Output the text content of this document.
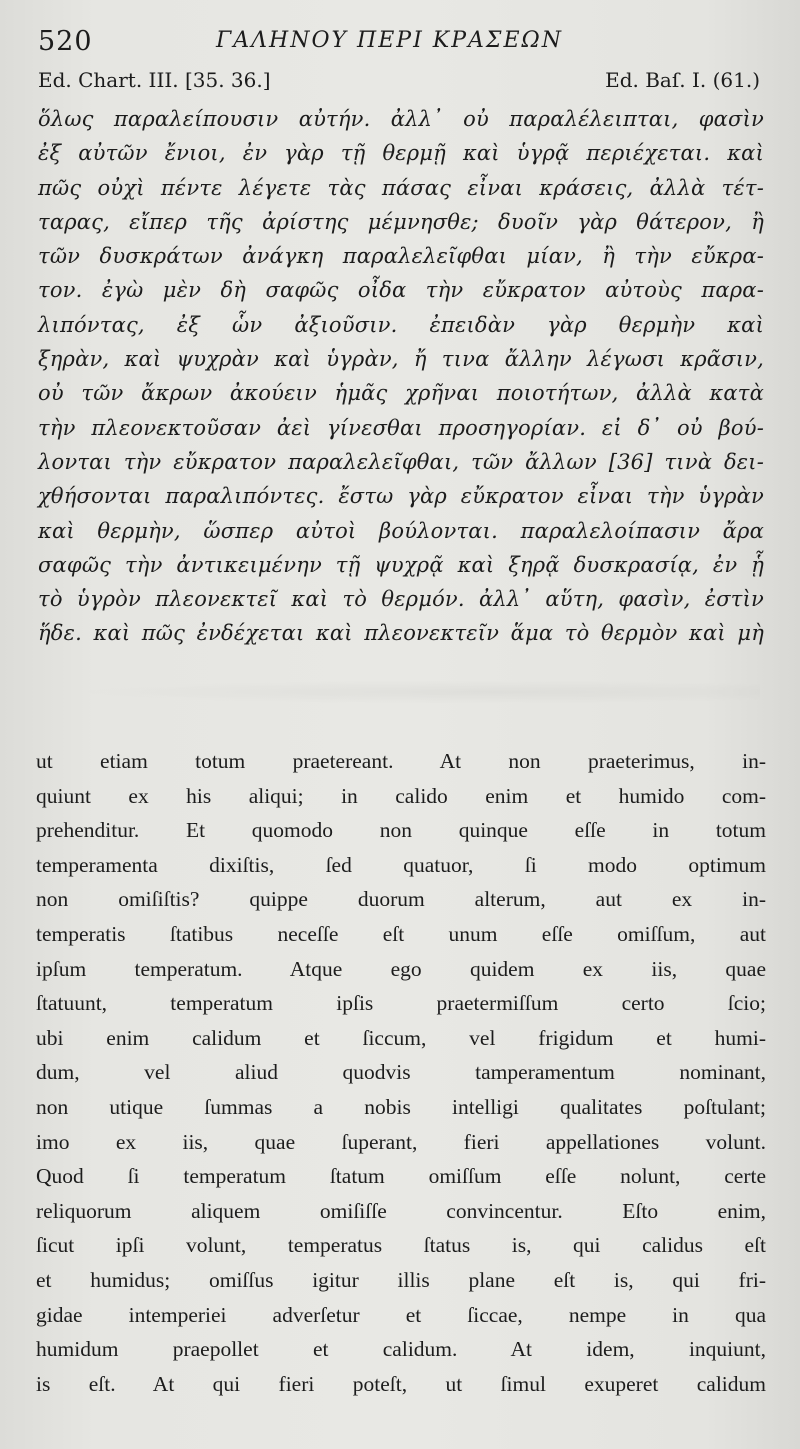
520	ΓΑΛΗΝΟΥ ΠΕΡΙ ΚΡΑΣΕΩΝ
Ed. Chart. III. [35. 36.]	Ed. Baſ. I. (61.)
ὅλως παραλείπουσιν αὐτήν. ἀλλ᾿ οὐ παραλέλειπται, φασὶν
ἐξ αὐτῶν ἔνιοι, ἐν γὰρ τῇ θερμῇ καὶ ὑγρᾷ περιέχεται. καὶ
πῶς οὐχὶ πέντε λέγετε τὰς πάσας εἶναι κράσεις, ἀλλὰ τέτ-
ταρας, εἴπερ τῆς ἀρίστης μέμνησθε; δυοῖν γὰρ θάτερον, ἢ
τῶν δυσκράτων ἀνάγκη παραλελεῖφθαι μίαν, ἢ τὴν εὔκρα-
τον. ἐγὼ μὲν δὴ σαφῶς οἶδα τὴν εὔκρατον αὐτοὺς παρα-
λιπόντας, ἐξ ὧν ἀξιοῦσιν. ἐπειδὰν γὰρ θερμὴν καὶ
ξηρὰν, καὶ ψυχρὰν καὶ ὑγρὰν, ἤ τινα ἄλλην λέγωσι κρᾶσιν,
οὐ τῶν ἄκρων ἀκούειν ἡμᾶς χρῆναι ποιοτήτων, ἀλλὰ κατὰ
τὴν πλεονεκτοῦσαν ἀεὶ γίνεσθαι προσηγορίαν. εἰ δ᾿ οὐ βού-
λονται τὴν εὔκρατον παραλελεῖφθαι, τῶν ἄλλων [36] τινὰ δει-
χθήσονται παραλιπόντες. ἔστω γὰρ εὔκρατον εἶναι τὴν ὑγρὰν
καὶ θερμὴν, ὥσπερ αὐτοὶ βούλονται. παραλελοίπασιν ἄρα
σαφῶς τὴν ἀντικειμένην τῇ ψυχρᾷ καὶ ξηρᾷ δυσκρασίᾳ, ἐν ᾗ
τὸ ὑγρὸν πλεονεκτεῖ καὶ τὸ θερμόν. ἀλλ᾿ αὕτη, φασὶν, ἐστὶν
ἥδε. καὶ πῶς ἐνδέχεται καὶ πλεονεκτεῖν ἅμα τὸ θερμὸν καὶ μὴ
ut etiam totum praetereant. At non praeterimus, in-
quiunt ex his aliqui; in calido enim et humido com-
prehenditur. Et quomodo non quinque eſſe in totum
temperamenta dixiſtis, ſed quatuor, ſi modo optimum
non omiſiſtis? quippe duorum alterum, aut ex in-
temperatis ſtatibus neceſſe eſt unum eſſe omiſſum, aut
ipſum temperatum. Atque ego quidem ex iis, quae
ſtatuunt, temperatum ipſis praetermiſſum certo ſcio;
ubi enim calidum et ſiccum, vel frigidum et humi-
dum, vel aliud quodvis tamperamentum nominant,
non utique ſummas a nobis intelligi qualitates poſtulant;
imo ex iis, quae ſuperant, fieri appellationes volunt.
Quod ſi temperatum ſtatum omiſſum eſſe nolunt, certe
reliquorum aliquem omiſiſſe convincentur. Eſto enim,
ſicut ipſi volunt, temperatus ſtatus is, qui calidus eſt
et humidus; omiſſus igitur illis plane eſt is, qui fri-
gidae intemperiei adverſetur et ſiccae, nempe in qua
humidum praepollet et calidum. At idem, inquiunt,
is eſt. At qui fieri poteſt, ut ſimul exuperet calidum
